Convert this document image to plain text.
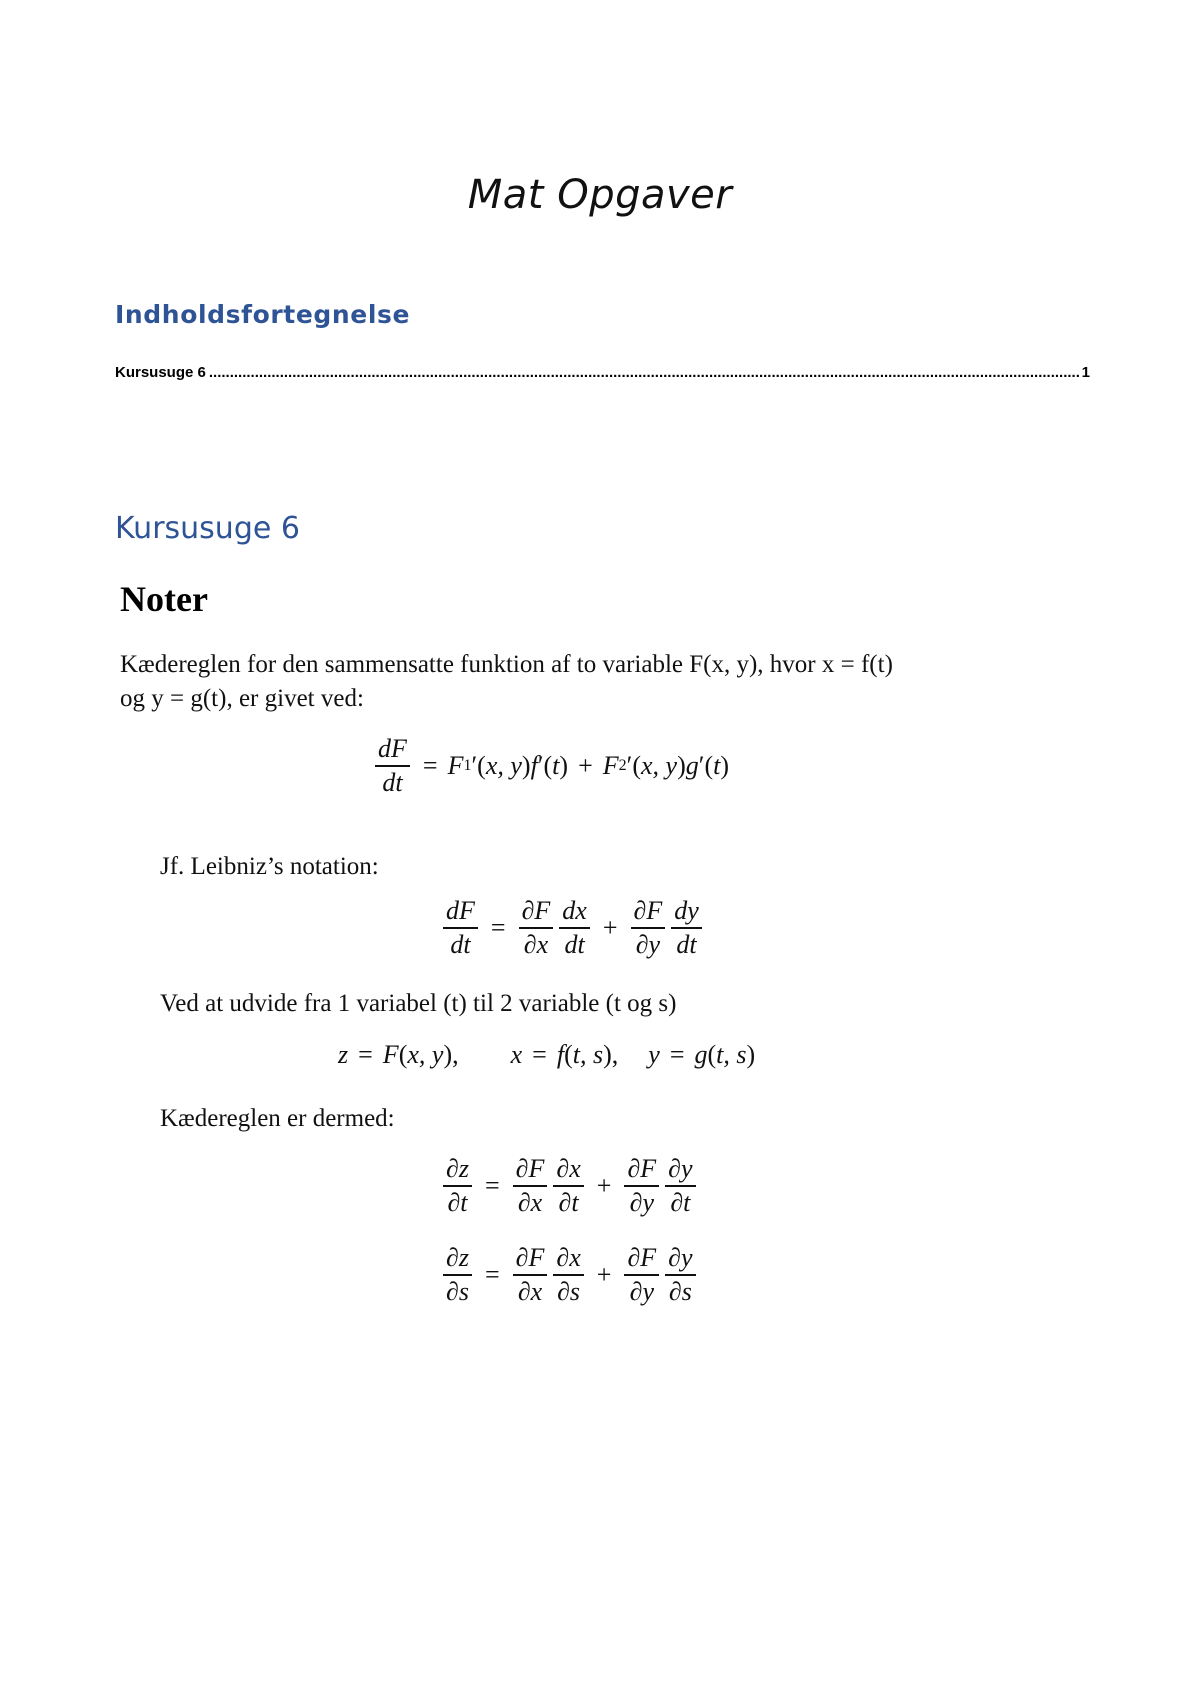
Mat Opgaver
Indholdsfortegnelse
Kursusuge 6
.....	1
Kursusuge 6
Noter
Kædereglen for den sammensatte funktion af to variable F(x, y), hvor x = f(t)
og y = g(t), er givet ved:
$\frac{dF}{dt} = F$ 1 ′( x, y ) f ′( t ) + F 2 ′( x, y ) g ′( t )
Jf. Leibniz’s notation:
$\frac{dF}{dt} = \frac{\partial F}{\partial x} \frac{dx}{dt} + \frac{\partial F}{\partial y} \frac{dy}{dt}$
Ved at udvide fra 1 variabel (t) til 2 variable (t og s)
z = F ( x, y ), x = f ( t, s ), y = g ( t, s )
Kædereglen er dermed:
$\frac{\partial z}{\partial t} = \frac{\partial F}{\partial x} \frac{\partial x}{\partial t} + \frac{\partial F}{\partial y} \frac{\partial y}{\partial t}$
$\frac{\partial z}{\partial s} = \frac{\partial F}{\partial x} \frac{\partial x}{\partial s} + \frac{\partial F}{\partial y} \frac{\partial y}{\partial s}$
